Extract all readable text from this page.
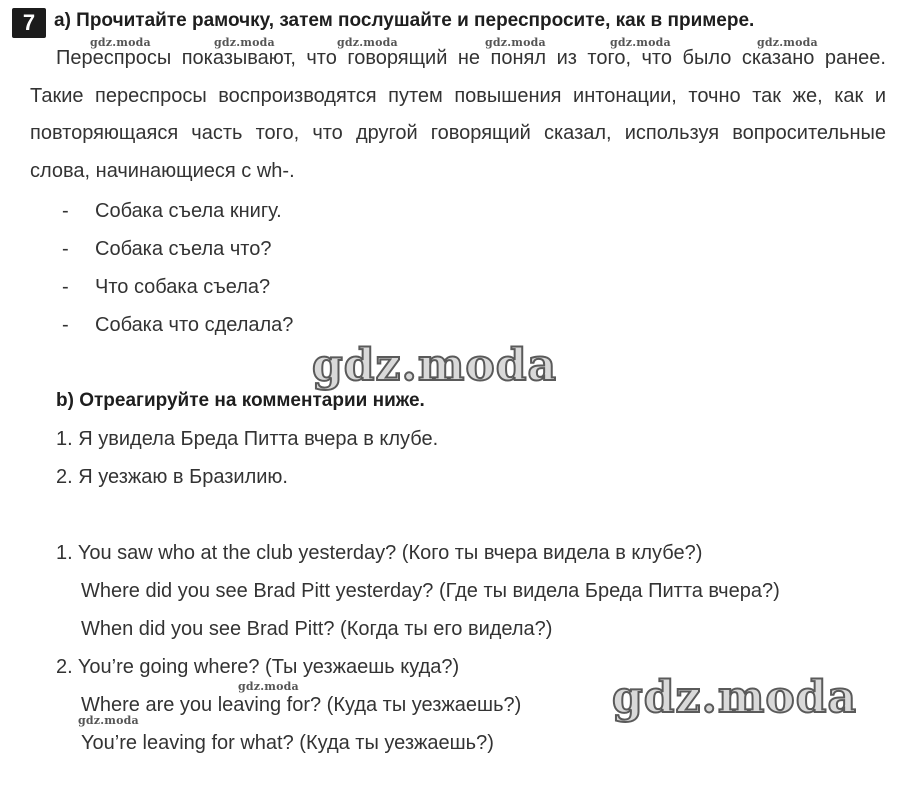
7 а) Прочитайте рамочку, затем послушайте и переспросите, как в примере.
gdz.moda	gdz.moda	gdz.moda	gdz.moda	gdz.moda	gdz.moda
Переспросы показывают, что говорящий не понял из того, что было сказано ранее. Такие переспросы воспроизводятся путем повышения интонации, точно так же, как и повторяющаяся часть того, что другой говорящий сказал, используя вопросительные слова, начинающиеся с wh-.
- Собака съела книгу.
- Собака съела что?
- Что собака съела?
- Собака что сделала?
gdz.moda
b) Отреагируйте на комментарии ниже.
1. Я увидела Бреда Питта вчера в клубе.
2. Я уезжаю в Бразилию.
1. You saw who at the club yesterday? (Кого ты вчера видела в клубе?)
Where did you see Brad Pitt yesterday? (Где ты видела Бреда Питта вчера?)
When did you see Brad Pitt? (Когда ты его видела?)
2. You’re going where? (Ты уезжаешь куда?)
Where are you leaving for? (Куда ты уезжаешь?)
You’re leaving for what? (Куда ты уезжаешь?)
gdz.moda
gdz.moda	gdz.moda
